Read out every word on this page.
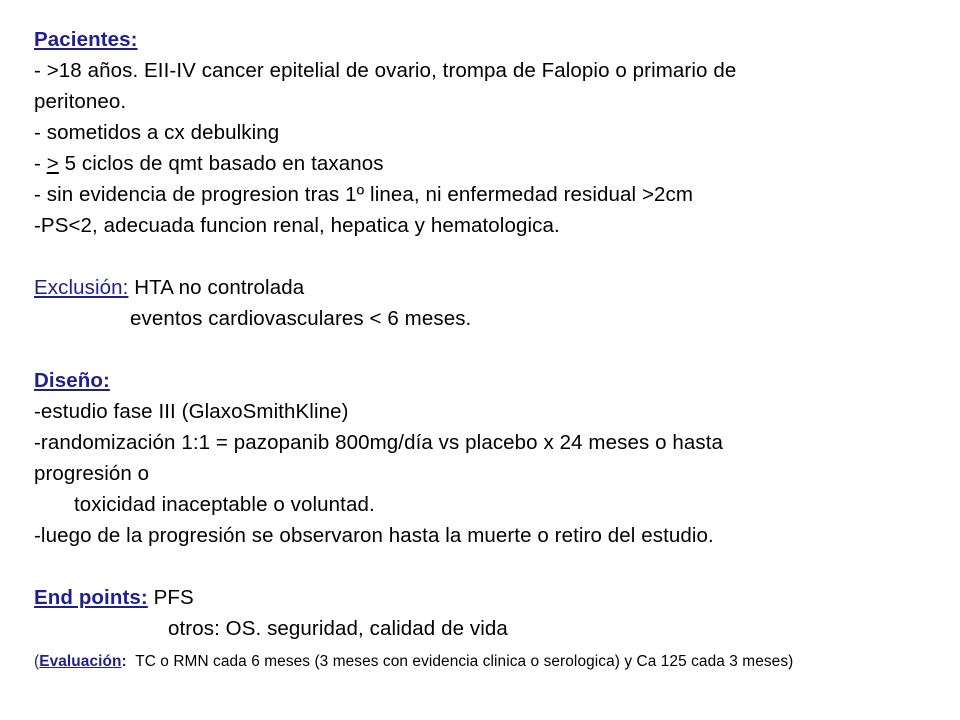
Pacientes:
- >18 años. EII-IV cancer epitelial de ovario, trompa de Falopio o primario de
peritoneo.
- sometidos a cx debulking
- > 5 ciclos de qmt basado en taxanos
- sin evidencia de progresion tras 1º linea, ni enfermedad residual >2cm
-PS<2, adecuada funcion renal, hepatica y hematologica.
Exclusión: HTA no controlada
eventos cardiovasculares < 6 meses.
Diseño:
-estudio fase III (GlaxoSmithKline)
-randomización 1:1 = pazopanib 800mg/día vs placebo x 24 meses o hasta
progresión o
toxicidad inaceptable o voluntad.
-luego de la progresión se observaron hasta la muerte o retiro del estudio.
End points: PFS
otros: OS. seguridad, calidad de vida
(Evaluación:  TC o RMN cada 6 meses (3 meses con evidencia clinica o serologica) y Ca 125 cada 3 meses)
